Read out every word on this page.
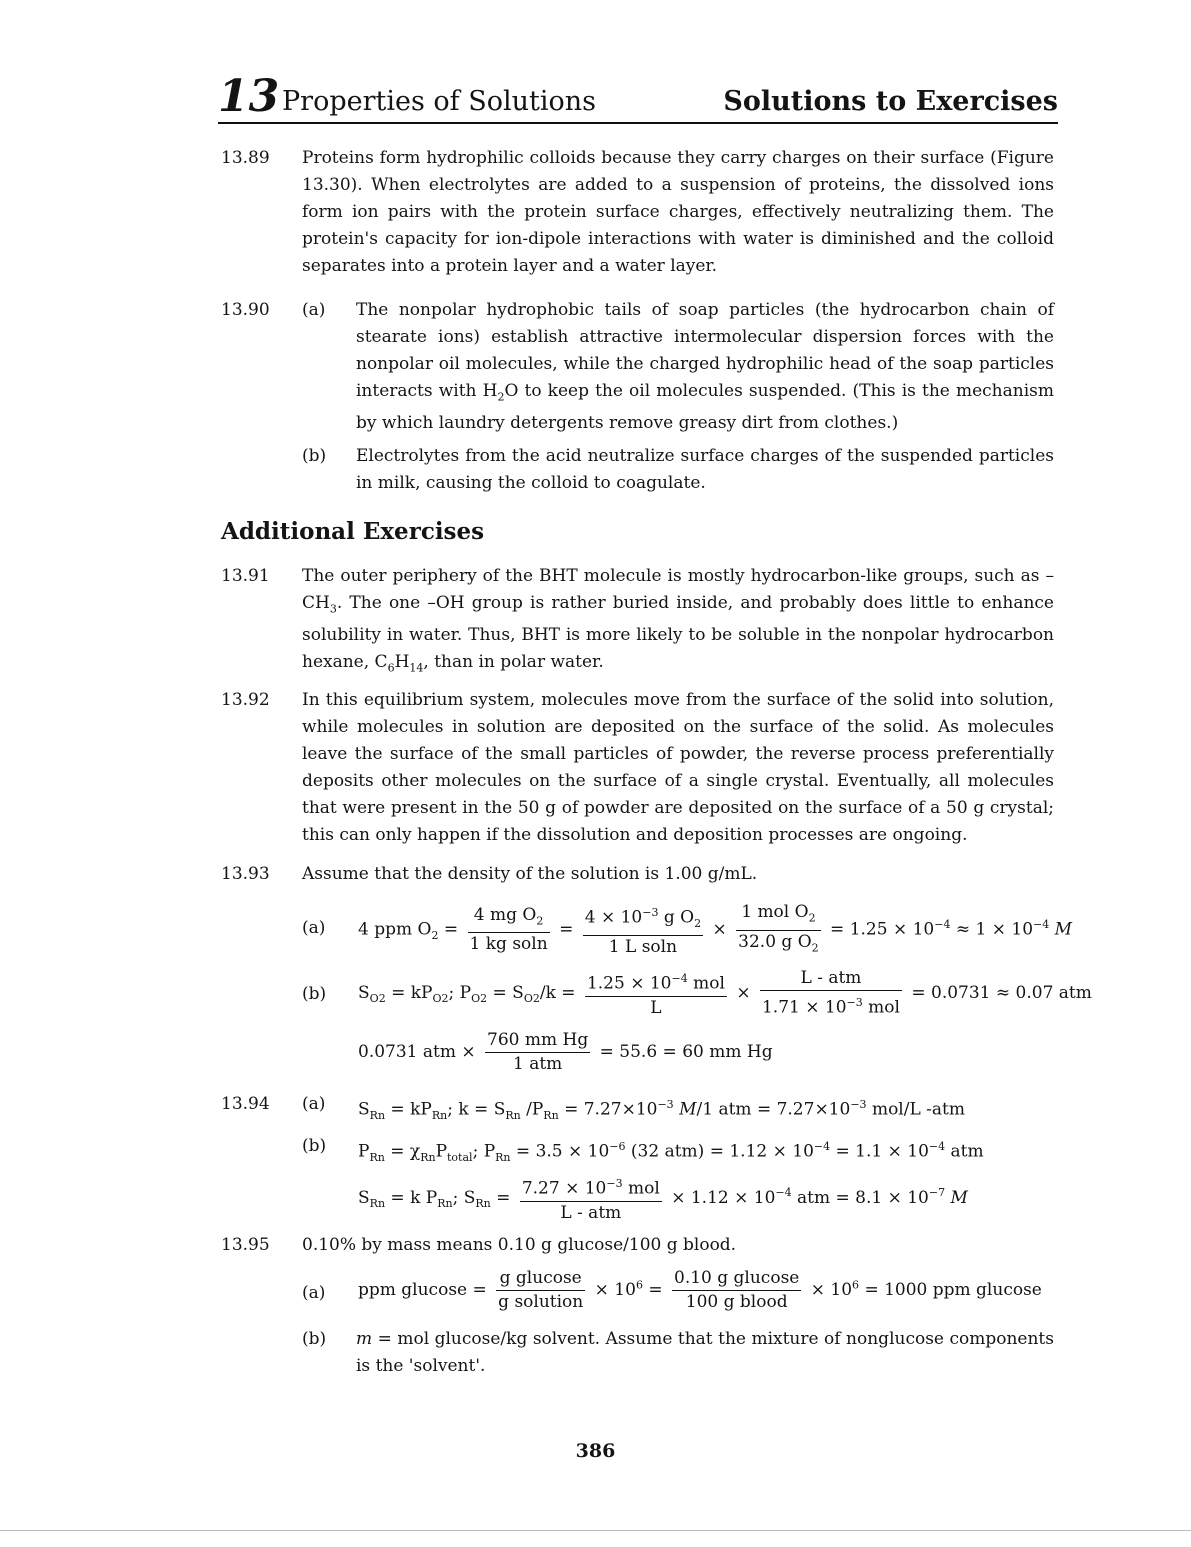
13 Properties of Solutions	Solutions to Exercises
13.89 Proteins form hydrophilic colloids because they carry charges on their surface (Figure 13.30). When electrolytes are added to a suspension of proteins, the dissolved ions form ion pairs with the protein surface charges, effectively neutralizing them. The protein's capacity for ion-dipole interactions with water is diminished and the colloid separates into a protein layer and a water layer.

13.90 (a) The nonpolar hydrophobic tails of soap particles (the hydrocarbon chain of stearate ions) establish attractive intermolecular dispersion forces with the nonpolar oil molecules, while the charged hydrophilic head of the soap particles interacts with $H_2O$ to keep the oil molecules suspended. (This is the mechanism by which laundry detergents remove greasy dirt from clothes.)

(b) Electrolytes from the acid neutralize surface charges of the suspended particles in milk, causing the colloid to coagulate.

Additional Exercises
13.91 The outer periphery of the BHT molecule is mostly hydrocarbon-like groups, such as $-CH_3$. The one –OH group is rather buried inside, and probably does little to enhance solubility in water. Thus, BHT is more likely to be soluble in the nonpolar hydrocarbon hexane, $C_6H_{14}$, than in polar water.

13.92 In this equilibrium system, molecules move from the surface of the solid into solution, while molecules in solution are deposited on the surface of the solid. As molecules leave the surface of the small particles of powder, the reverse process preferentially deposits other molecules on the surface of a single crystal. Eventually, all molecules that were present in the 50 g of powder are deposited on the surface of a 50 g crystal; this can only happen if the dissolution and deposition processes are ongoing.

13.93 Assume that the density of the solution is 1.00 g/mL.

(a) 4 ppm $O_2 = \frac{4 mg O_2}{\text{1 kg soln}} = \frac{4 \times 10^{-3} g O_2}{\text{1 L soln}} \times \frac{1 mol O_2}{32.0 g O_2} = 1.25 \times 10^{-4} \approx 1 \times 10^{-4}$ M
(b) $S_{O2} = kP_{O2}$; $P_{O2} = S_{O2}/k = \frac{1.25 \times 10^{-4} mol}{L} \times \frac{\text{L - atm}}{1.71 \times 10^{-3} mol} = 0.0731 \approx 0.07$ atm
0.0731 atm × $\frac{\text{760 mm Hg}}{\text{1 atm}} = 55.6 = 60$ mm Hg
13.94 (a) $S_{Rn} = kP_{Rn}$; $k = S_{Rn}$ $/P_{Rn} = 7.27\times 10^{-3}$ M/1 atm = $7.27\times 10^{-3}$ mol/L -atm
(b) $P_{Rn} = \chi_{Rn}P_{total}$; $P_{Rn} = 3.5 \times 10^{-6}$ (32 $atm) = 1.12 \times 10^{-4} = 1.1 \times 10^{-4}$ atm
$S_{Rn} = k$ $P_{Rn}$; $S_{Rn} = \frac{7.27 \times 10^{-3} mol}{\text{L - atm}} \times 1.12 \times 10^{-4}$ atm = $8.1 \times 10^{-7}$ M
13.95 0.10% by mass means 0.10 g glucose/100 g blood.

(a) ppm $glucose = \frac{\text{g glucose}}{\text{g solution}} \times 10^6 = \frac{\text{0.10 g glucose}}{\text{100 g blood}} \times 10^6 = 1000$ ppm glucose
(b) m = mol glucose/kg solvent. Assume that the mixture of nonglucose components is the 'solvent'.

386
